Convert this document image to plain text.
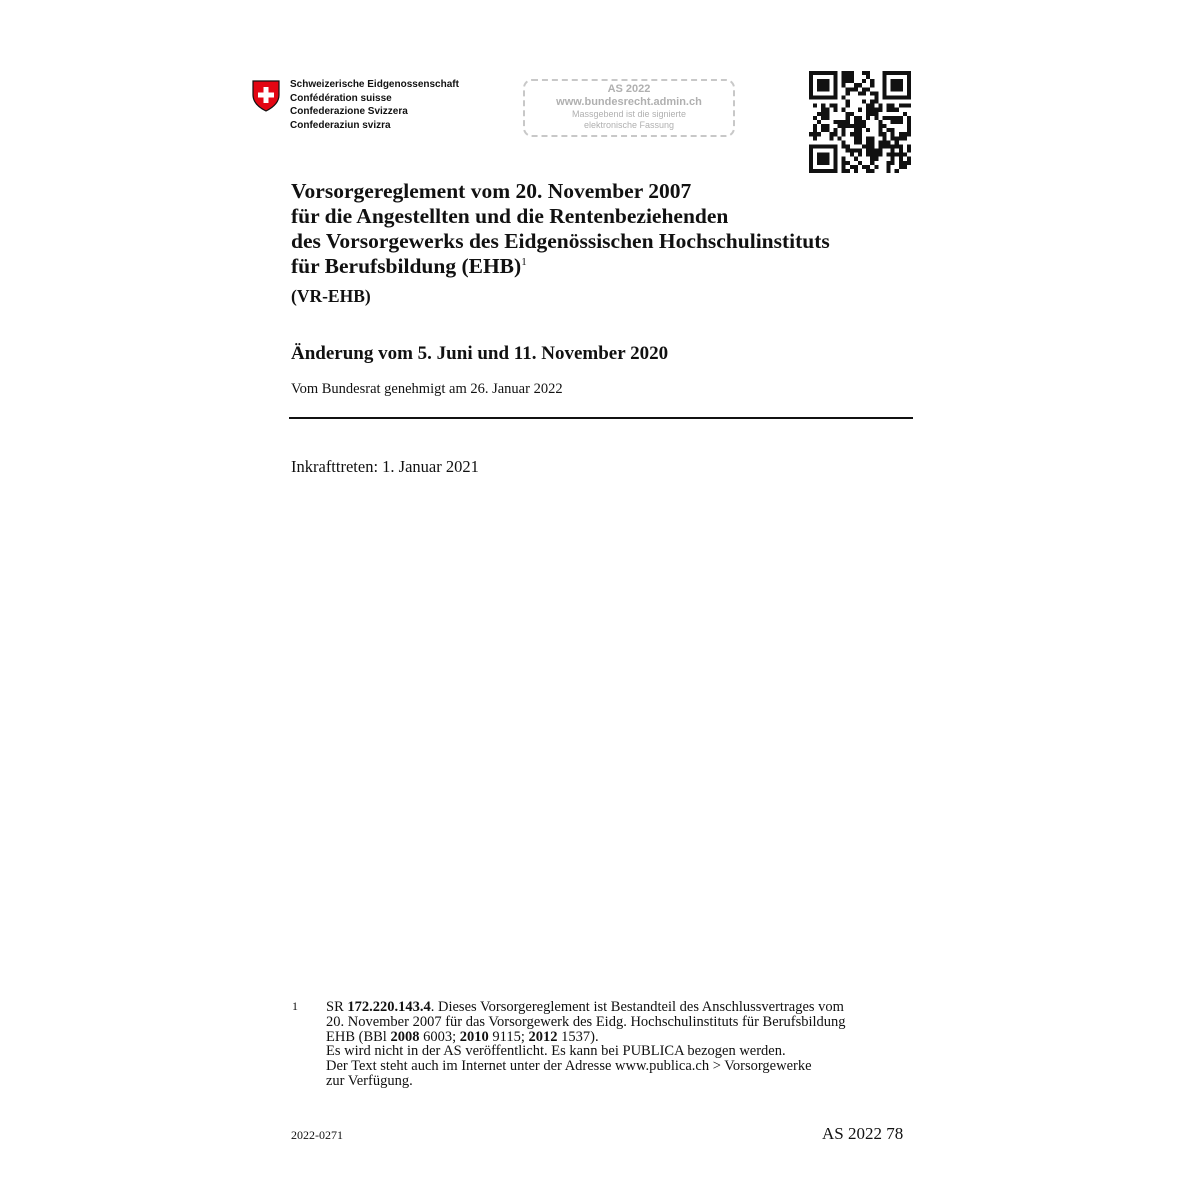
Schweizerische Eidgenossenschaft
Confédération suisse
Confederazione Svizzera
Confederaziun svizra
AS 2022
www.bundesrecht.admin.ch
Massgebend ist die signierte
elektronische Fassung
Vorsorgereglement vom 20. November 2007
für die Angestellten und die Rentenbeziehenden
des Vorsorgewerks des Eidgenössischen Hochschulinstituts
für Berufsbildung (EHB)$^1$
(VR-EHB)
Änderung vom 5. Juni und 11. November 2020
Vom Bundesrat genehmigt am 26. Januar 2022
Inkrafttreten: 1. Januar 2021
1 SR 172.220.143.4. Dieses Vorsorgereglement ist Bestandteil des Anschlussvertrages vom
20. November 2007 für das Vorsorgewerk des Eidg. Hochschulinstituts für Berufsbildung
EHB (BBl 2008 6003; 2010 9115; 2012 1537).
Es wird nicht in der AS veröffentlicht. Es kann bei PUBLICA bezogen werden.
Der Text steht auch im Internet unter der Adresse www.publica.ch > Vorsorgewerke
zur Verfügung.
2022-0271	AS 2022 78
